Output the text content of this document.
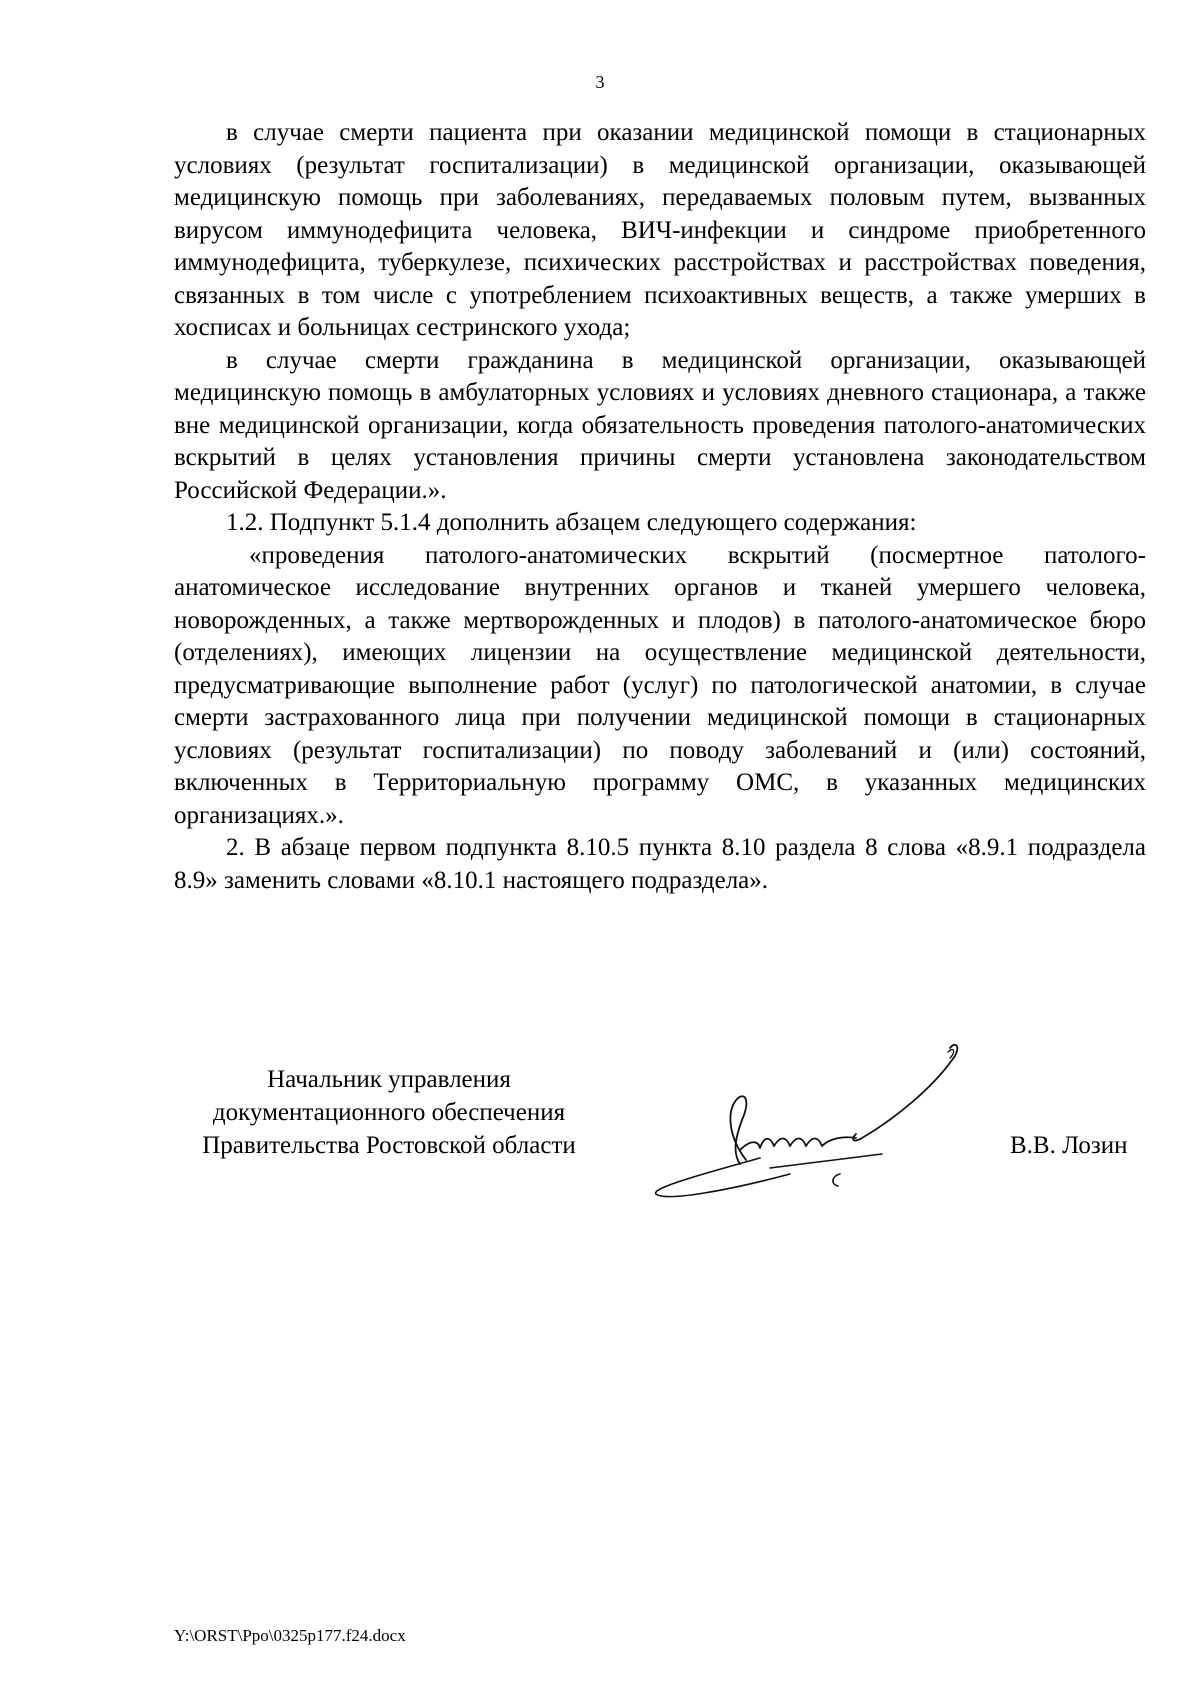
3

в случае смерти пациента при оказании медицинской помощи в стационарных условиях (результат госпитализации) в медицинской организации, оказывающей медицинскую помощь при заболеваниях, передаваемых половым путем, вызванных вирусом иммунодефицита человека, ВИЧ-инфекции и синдроме приобретенного иммунодефицита, туберкулезе, психических расстройствах и расстройствах поведения, связанных в том числе с употреблением психоактивных веществ, а также умерших в хосписах и больницах сестринского ухода;

в случае смерти гражданина в медицинской организации, оказывающей медицинскую помощь в амбулаторных условиях и условиях дневного стационара, а также вне медицинской организации, когда обязательность проведения патолого-анатомических вскрытий в целях установления причины смерти установлена законодательством Российской Федерации.».

1.2. Подпункт 5.1.4 дополнить абзацем следующего содержания:

«проведения патолого-анатомических вскрытий (посмертное патолого-анатомическое исследование внутренних органов и тканей умершего человека, новорожденных, а также мертворожденных и плодов) в патолого-анатомическое бюро (отделениях), имеющих лицензии на осуществление медицинской деятельности, предусматривающие выполнение работ (услуг) по патологической анатомии, в случае смерти застрахованного лица при получении медицинской помощи в стационарных условиях (результат госпитализации) по поводу заболеваний и (или) состояний, включенных в Территориальную программу ОМС, в указанных медицинских организациях.».

2. В абзаце первом подпункта 8.10.5 пункта 8.10 раздела 8 слова «8.9.1 подраздела 8.9» заменить словами «8.10.1 настоящего подраздела».

Начальник управления
документационного обеспечения
Правительства Ростовской области	В.В. Лозин
Y:\ORST\Ppo\0325p177.f24.docx
